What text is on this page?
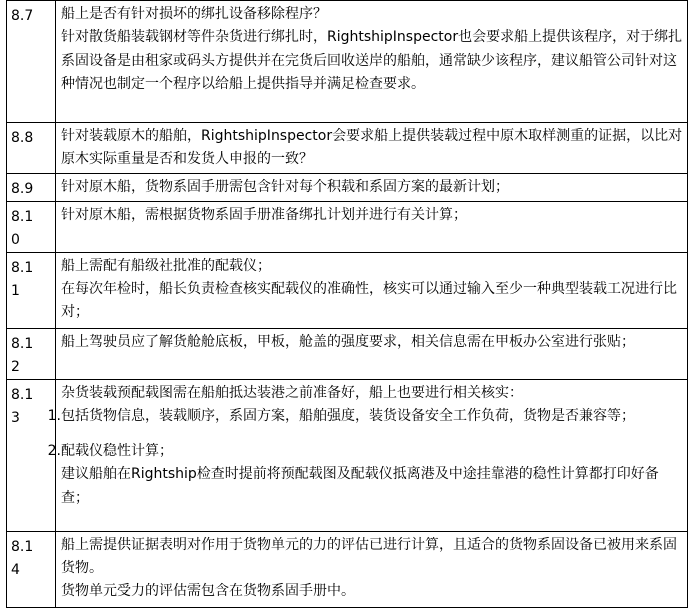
8.7	船上是否有针对损坏的绑扎设备移除程序？

针对散货船装载钢材等件杂货进行绑扎时，RightshipInspector也会要求船上提供该程序，对于绑扎系固设备是由租家或码头方提供并在完货后回收送岸的船舶，通常缺少该程序，建议船管公司针对这种情况也制定一个程序以给船上提供指导并满足检查要求。

8.8	针对装载原木的船舶，RightshipInspector会要求船上提供装载过程中原木取样测重的证据，以比对原木实际重量是否和发货人申报的一致？

8.9	针对原木船，货物系固手册需包含针对每个积载和系固方案的最新计划；

8.10	针对原木船，需根据货物系固手册准备绑扎计划并进行有关计算；

8.11	船上需配有船级社批准的配载仪；

在每次年检时，船长负责检查核实配载仪的准确性，核实可以通过输入至少一种典型装载工况进行比对；

8.12	船上驾驶员应了解货舱舱底板，甲板，舱盖的强度要求，相关信息需在甲板办公室进行张贴；

8.13	杂货装载预配载图需在船舶抵达装港之前准备好，船上也要进行相关核实：

1.包括货物信息，装载顺序，系固方案，船舶强度，装货设备安全工作负荷，货物是否兼容等；

2.配载仪稳性计算；

建议船舶在Rightship检查时提前将预配载图及配载仪抵离港及中途挂靠港的稳性计算都打印好备查；

8.14	船上需提供证据表明对作用于货物单元的力的评估已进行计算，且适合的货物系固设备已被用来系固货物。

货物单元受力的评估需包含在货物系固手册中。
